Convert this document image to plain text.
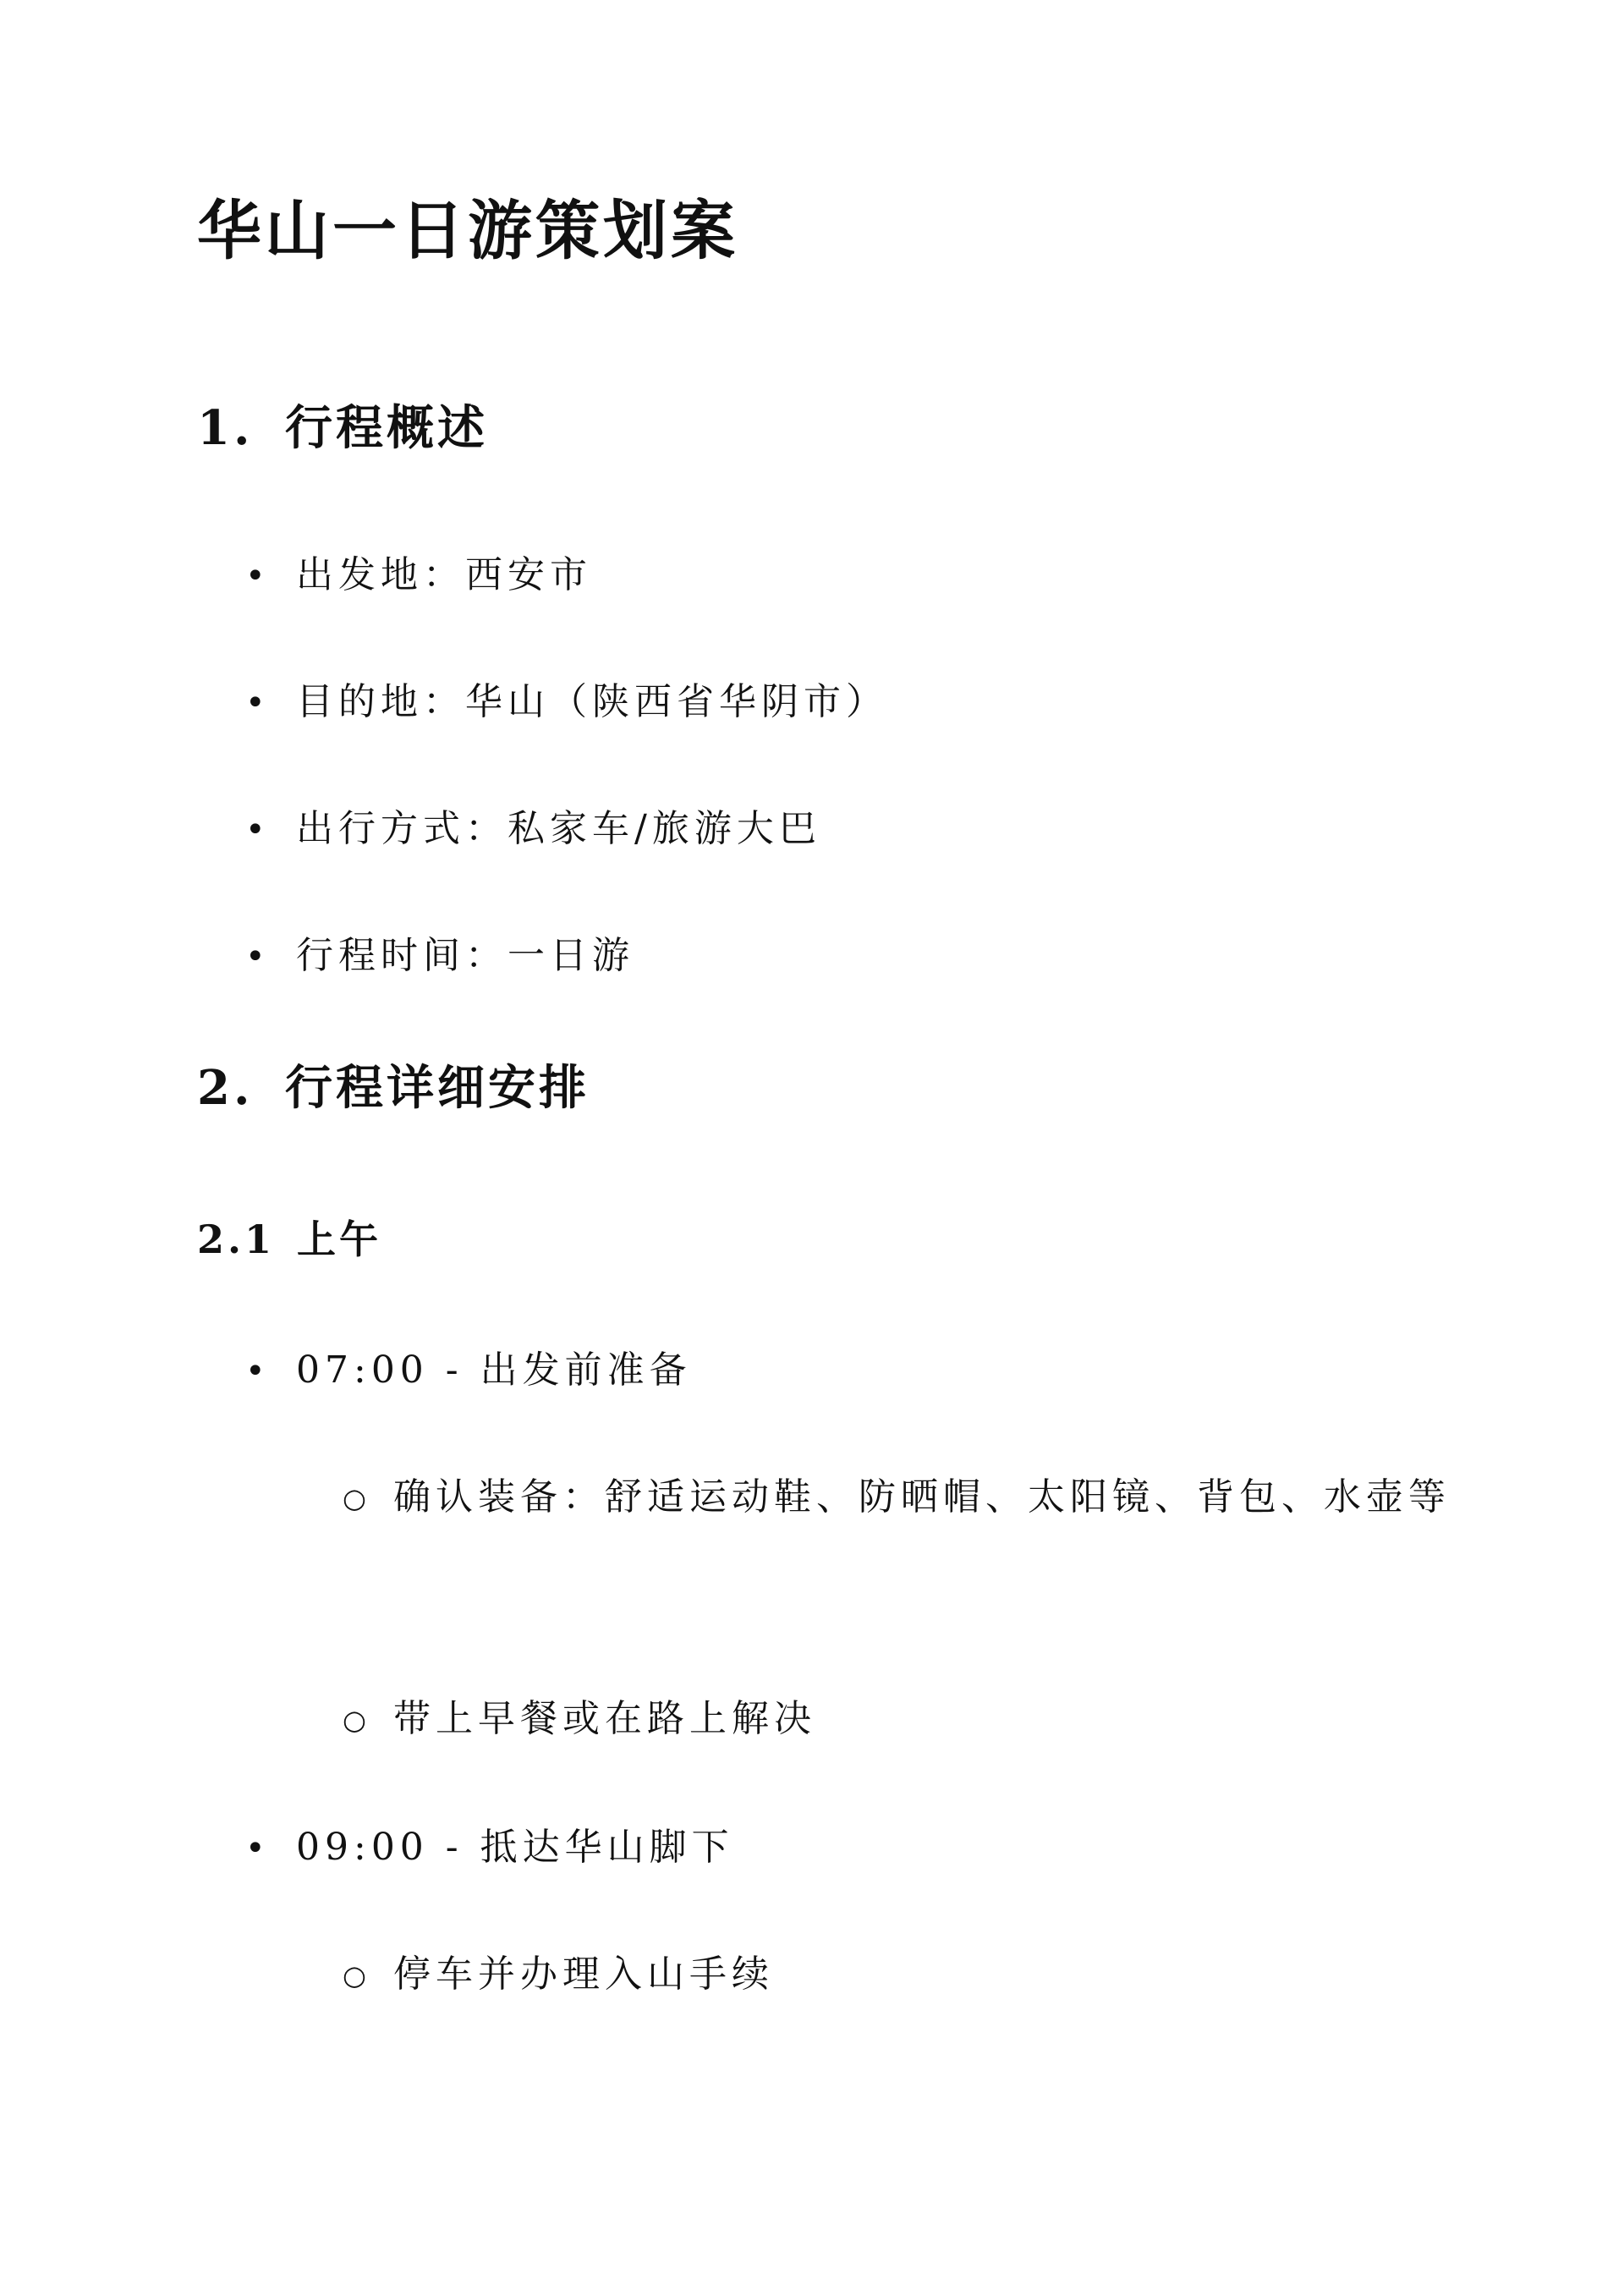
华山一日游策划案
1. 行程概述
• 出发地：西安市
• 目的地：华山（陕西省华阴市）
• 出行方式：私家车/旅游大巴
• 行程时间：一日游
2. 行程详细安排
2.1 上午
• 07:00 - 出发前准备
○ 确认装备：舒适运动鞋、防晒帽、太阳镜、背包、水壶等
○ 带上早餐或在路上解决
• 09:00 - 抵达华山脚下
○ 停车并办理入山手续
